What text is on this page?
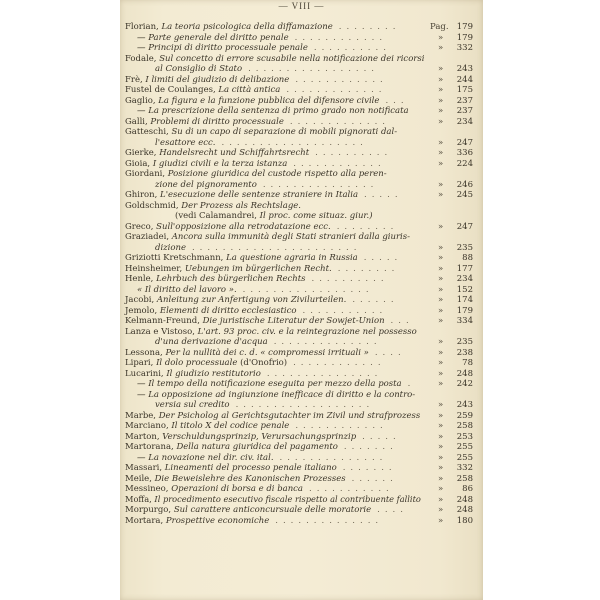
— VIII —
Florian, La teoria psicologica della diffamazione ........	Pag. 179
— Parte generale del diritto penale ............	»	179
— Principi di diritto processuale penale ..........	»	332
Fodale, Sul concetto di errore scusabile nella notificazione dei ricorsi
al Consiglio di Stato .................	»	243
Frè, I limiti del giudizio di delibazione ............	»	244
Fustel de Coulanges, La città antica .............	»	175
Gaglio, La figura e la funzione pubblica del difensore civile ...	»	237
— La prescrizione della sentenza di primo grado non notificata	»	237
Galli, Problemi di diritto processuale .............	»	234
Gatteschi, Su di un capo di separazione di mobili pignorati dal-
l'esattore ecc. ...................	»	247
Gierke, Handelsrecht und Schiffahrtsrecht ..........	»	336
Gioia, I giudizi civili e la terza istanza ............	»	224
Giordani, Posizione giuridica del custode rispetto alla peren-
zione del pignoramento ...............	»	246
Ghiron, L'esecuzione delle sentenze straniere in Italia .....	»	245
Goldschmid, Der Prozess als Rechtslage.
(vedi Calamandrei, Il proc. come situaz. giur.)
Greco, Sull'opposizione alla retrodatazione ecc. ........	»	247
Graziadei, Ancora sulla immunità degli Stati stranieri dalla giuris-
dizione ......................	»	235
Griziotti Kretschmann, La questione agraria in Russia .....	»	88
Heinsheimer, Uebungen im bürgerlichen Recht. ........	»	177
Henle, Lehrbuch des bürgerlichen Rechts ..........	»	234
« Il diritto del lavoro ». .................	»	152
Jacobi, Anleitung zur Anfertigung von Zivilurteilen. ......	»	174
Jemolo, Elementi di diritto ecclesiastico ...........	»	179
Kelmann-Freund, Die juristische Literatur der Sowjet-Union ...	»	334
Lanza e Vistoso, L'art. 93 proc. civ. e la reintegrazione nel possesso
d'una derivazione d'acqua ..............	»	235
Lessona, Per la nullità dei c. d. « compromessi irrituali » ....	»	238
Lipari, Il dolo processuale (d'Onofrio) ............	»	78
Lucarini, Il giudizio restitutorio ...............	»	248
— Il tempo della notificazione eseguita per mezzo della posta .	»	242
— La opposizione ad ingiunzione inefficace di diritto e la contro-
versia sul credito ..................	»	243
Marbe, Der Psicholog al Gerichtsgutachter im Zivil und strafprozess »	259
Marciano, Il titolo X del codice penale ............	»	258
Marton, Verschuldungsprinzip, Verursachungsprinzip .....	»	253
Martorana, Della natura giuridica del pagamento .......	»	255
— La novazione nel dir. civ. ital. ..............	»	255
Massari, Lineamenti del processo penale italiano .......	»	332
Meile, Die Beweislehre des Kanonischen Prozesses ......	»	258
Messineo, Operazioni di borsa e di banca ...........	»	86
Moffa, Il procedimento esecutivo fiscale rispetto al contribuente fallito »	248
Morpurgo, Sul carattere anticoncursuale delle moratorie ....	»	248
Mortara, Prospettive economiche ..............	»	180
